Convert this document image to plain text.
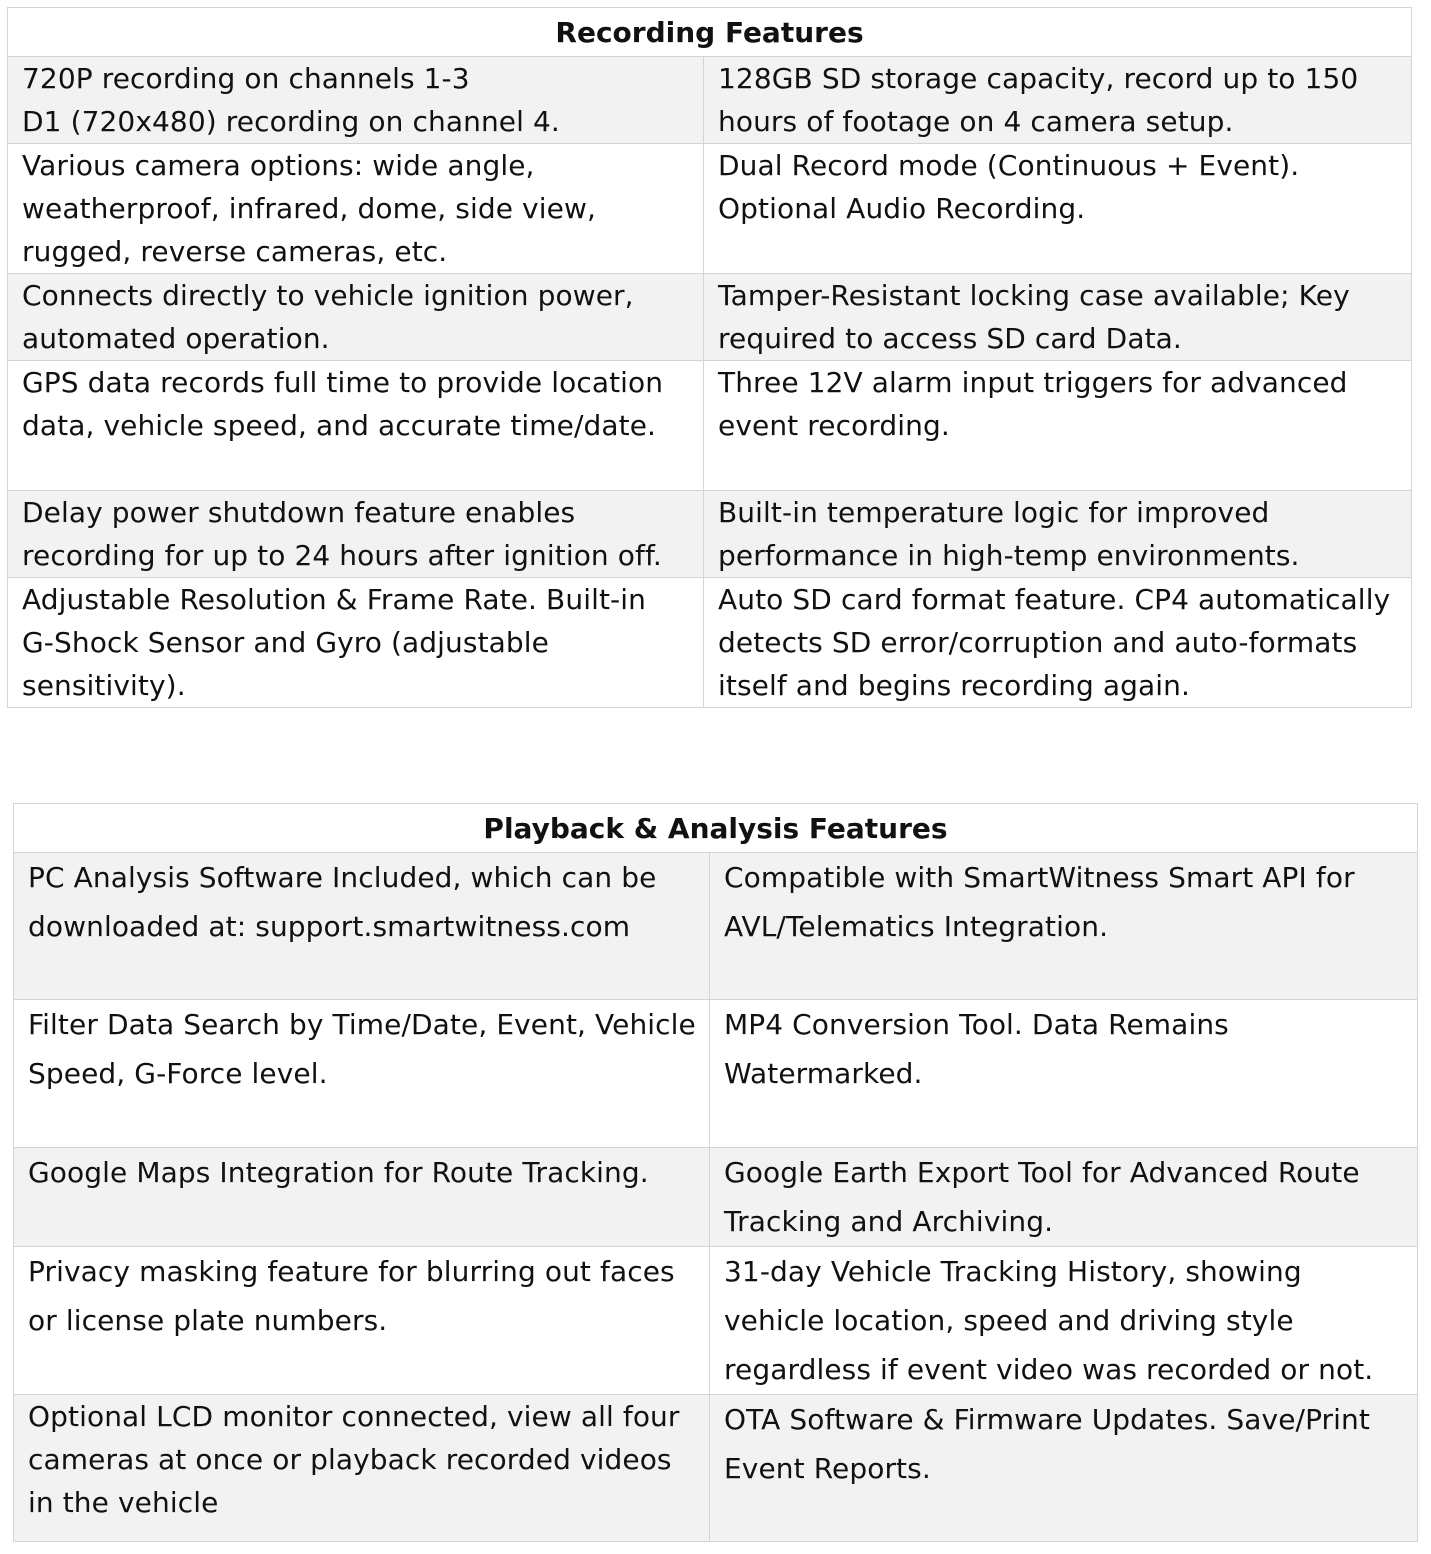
Recording Features	

720P recording on channels 1-3
D1 (720x480) recording on channel 4.	128GB SD storage capacity, record up to 150
hours of footage on 4 camera setup.

Various camera options: wide angle,
weatherproof, infrared, dome, side view,
rugged, reverse cameras, etc.	Dual Record mode (Continuous + Event).
Optional Audio Recording.

Connects directly to vehicle ignition power,
automated operation.	Tamper-Resistant locking case available; Key
required to access SD card Data.

GPS data records full time to provide location
data, vehicle speed, and accurate time/date.	Three 12V alarm input triggers for advanced
event recording.

Delay power shutdown feature enables
recording for up to 24 hours after ignition off.	Built-in temperature logic for improved
performance in high-temp environments.

Adjustable Resolution & Frame Rate. Built-in
G-Shock Sensor and Gyro (adjustable
sensitivity).	Auto SD card format feature. CP4 automatically
detects SD error/corruption and auto-formats
itself and begins recording again.
Playback & Analysis Features	

PC Analysis Software Included, which can be
downloaded at: support.smartwitness.com	Compatible with SmartWitness Smart API for
AVL/Telematics Integration.

Filter Data Search by Time/Date, Event, Vehicle
Speed, G-Force level.	MP4 Conversion Tool. Data Remains
Watermarked.

Google Maps Integration for Route Tracking.	Google Earth Export Tool for Advanced Route
Tracking and Archiving.

Privacy masking feature for blurring out faces
or license plate numbers.	31-day Vehicle Tracking History, showing
vehicle location, speed and driving style
regardless if event video was recorded or not.

Optional LCD monitor connected, view all four
cameras at once or playback recorded videos
in the vehicle	OTA Software & Firmware Updates. Save/Print
Event Reports.
